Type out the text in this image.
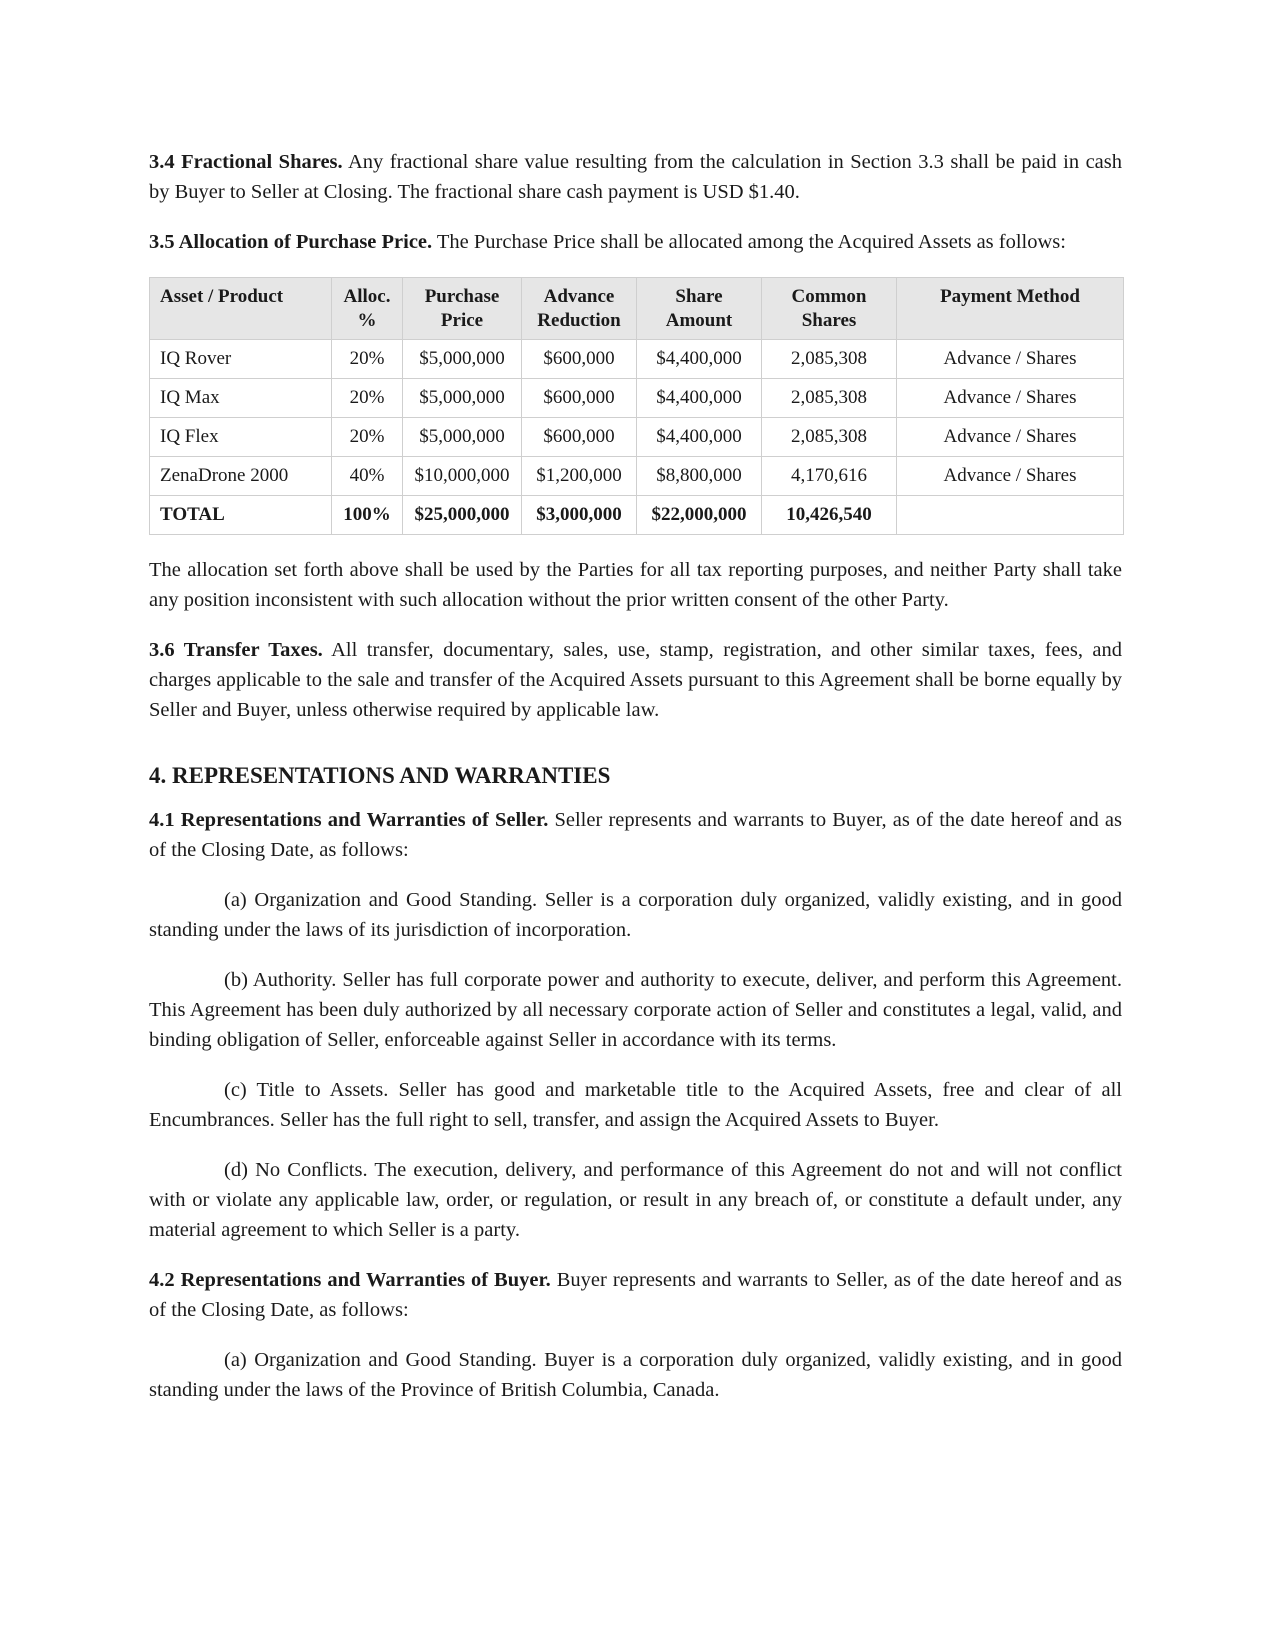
3.4 Fractional Shares. Any fractional share value resulting from the calculation in Section 3.3 shall be paid in cash by Buyer to Seller at Closing. The fractional share cash payment is USD $1.40.

3.5 Allocation of Purchase Price. The Purchase Price shall be allocated among the Acquired Assets as follows:

Asset / Product	Alloc. %	Purchase Price	Advance Reduction	Share Amount	Common Shares	Payment Method
IQ Rover	20%	$5,000,000	$600,000	$4,400,000	2,085,308	Advance / Shares
IQ Max	20%	$5,000,000	$600,000	$4,400,000	2,085,308	Advance / Shares
IQ Flex	20%	$5,000,000	$600,000	$4,400,000	2,085,308	Advance / Shares
ZenaDrone 2000	40%	$10,000,000	$1,200,000	$8,800,000	4,170,616	Advance / Shares
TOTAL	100%	$25,000,000	$3,000,000	$22,000,000	10,426,540	

The allocation set forth above shall be used by the Parties for all tax reporting purposes, and neither Party shall take any position inconsistent with such allocation without the prior written consent of the other Party.

3.6 Transfer Taxes. All transfer, documentary, sales, use, stamp, registration, and other similar taxes, fees, and charges applicable to the sale and transfer of the Acquired Assets pursuant to this Agreement shall be borne equally by Seller and Buyer, unless otherwise required by applicable law.

4. REPRESENTATIONS AND WARRANTIES

4.1 Representations and Warranties of Seller. Seller represents and warrants to Buyer, as of the date hereof and as of the Closing Date, as follows:

(a) Organization and Good Standing. Seller is a corporation duly organized, validly existing, and in good standing under the laws of its jurisdiction of incorporation.

(b) Authority. Seller has full corporate power and authority to execute, deliver, and perform this Agreement. This Agreement has been duly authorized by all necessary corporate action of Seller and constitutes a legal, valid, and binding obligation of Seller, enforceable against Seller in accordance with its terms.

(c) Title to Assets. Seller has good and marketable title to the Acquired Assets, free and clear of all Encumbrances. Seller has the full right to sell, transfer, and assign the Acquired Assets to Buyer.

(d) No Conflicts. The execution, delivery, and performance of this Agreement do not and will not conflict with or violate any applicable law, order, or regulation, or result in any breach of, or constitute a default under, any material agreement to which Seller is a party.

4.2 Representations and Warranties of Buyer. Buyer represents and warrants to Seller, as of the date hereof and as of the Closing Date, as follows:

(a) Organization and Good Standing. Buyer is a corporation duly organized, validly existing, and in good standing under the laws of the Province of British Columbia, Canada.
